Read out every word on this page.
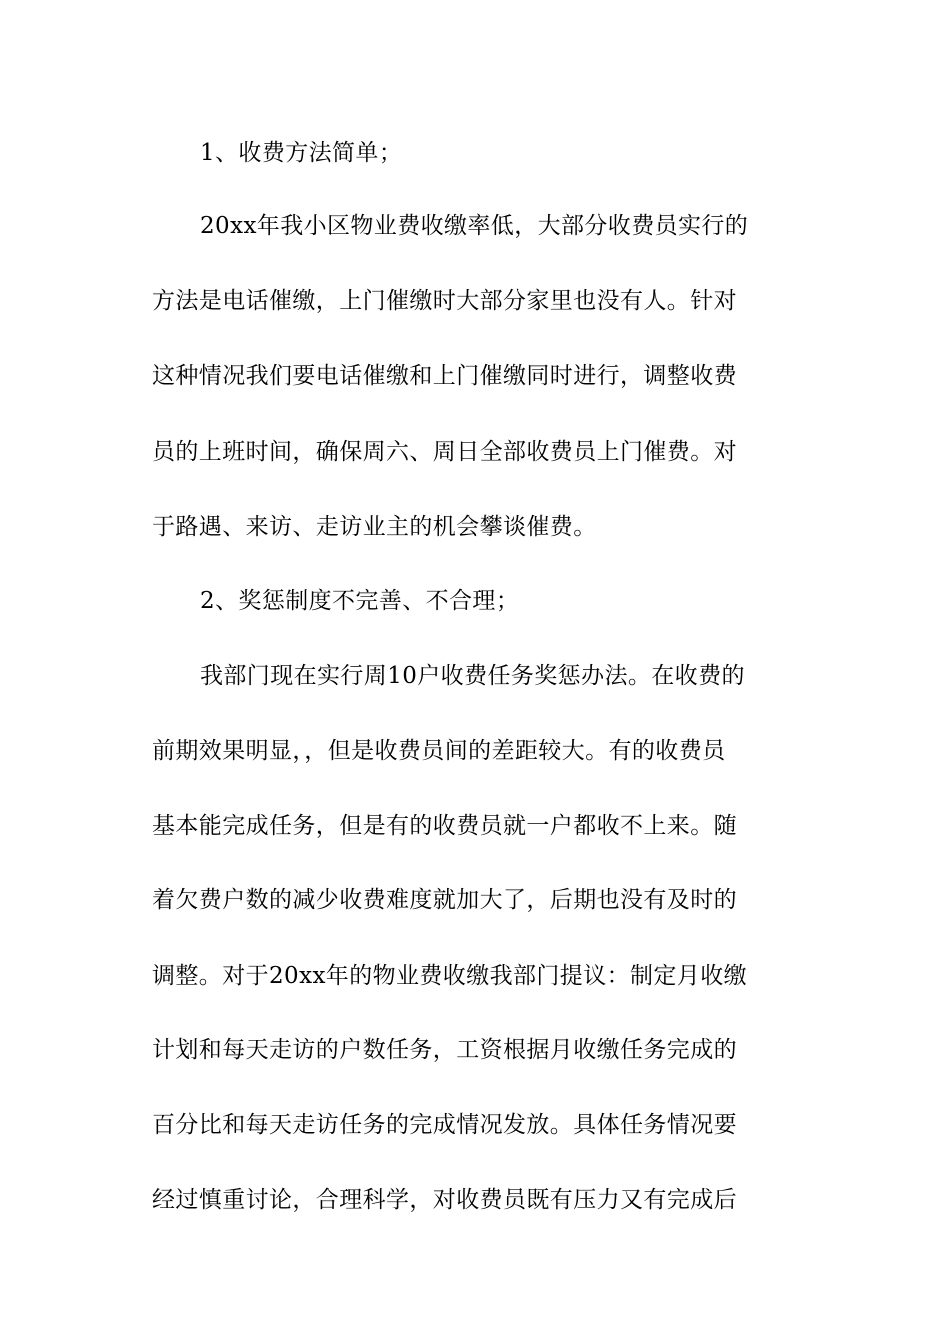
1、收费方法简单；
20xx年我小区物业费收缴率低，大部分收费员实行的
方法是电话催缴，上门催缴时大部分家里也没有人。针对
这种情况我们要电话催缴和上门催缴同时进行，调整收费
员的上班时间，确保周六、周日全部收费员上门催费。对
于路遇、来访、走访业主的机会攀谈催费。
2、奖惩制度不完善、不合理；
我部门现在实行周10户收费任务奖惩办法。在收费的
前期效果明显，，但是收费员间的差距较大。有的收费员
基本能完成任务，但是有的收费员就一户都收不上来。随
着欠费户数的减少收费难度就加大了，后期也没有及时的
调整。对于20xx年的物业费收缴我部门提议：制定月收缴
计划和每天走访的户数任务，工资根据月收缴任务完成的
百分比和每天走访任务的完成情况发放。具体任务情况要
经过慎重讨论，合理科学，对收费员既有压力又有完成后
